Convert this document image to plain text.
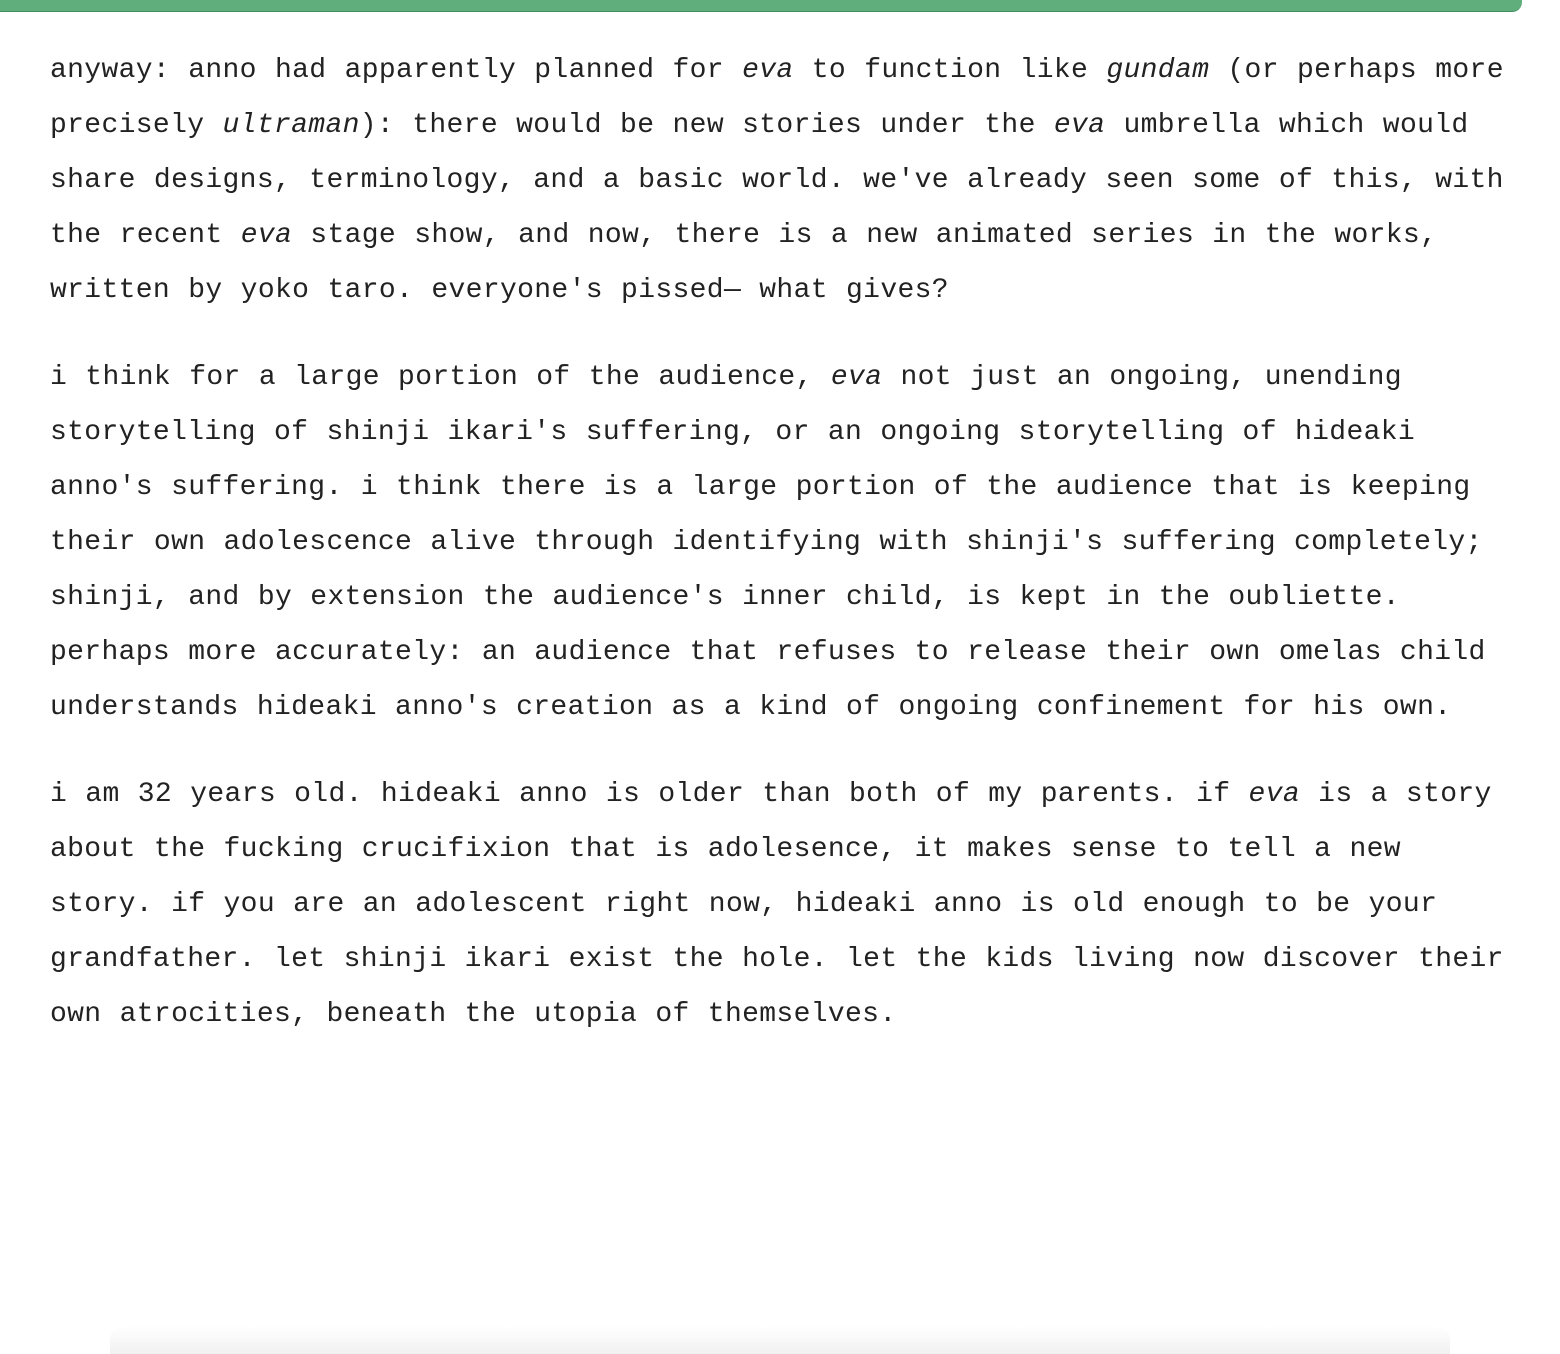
anyway: anno had apparently planned for eva to function like gundam (or perhaps more precisely ultraman): there would be new stories under the eva umbrella which would share designs, terminology, and a basic world. we've already seen some of this, with the recent eva stage show, and now, there is a new animated series in the works, written by yoko taro. everyone's pissed— what gives?

i think for a large portion of the audience, eva not just an ongoing, unending storytelling of shinji ikari's suffering, or an ongoing storytelling of hideaki anno's suffering. i think there is a large portion of the audience that is keeping their own adolescence alive through identifying with shinji's suffering completely; shinji, and by extension the audience's inner child, is kept in the oubliette. perhaps more accurately: an audience that refuses to release their own omelas child understands hideaki anno's creation as a kind of ongoing confinement for his own.

i am 32 years old. hideaki anno is older than both of my parents. if eva is a story about the fucking crucifixion that is adolesence, it makes sense to tell a new story. if you are an adolescent right now, hideaki anno is old enough to be your grandfather. let shinji ikari exist the hole. let the kids living now discover their own atrocities, beneath the utopia of themselves.
